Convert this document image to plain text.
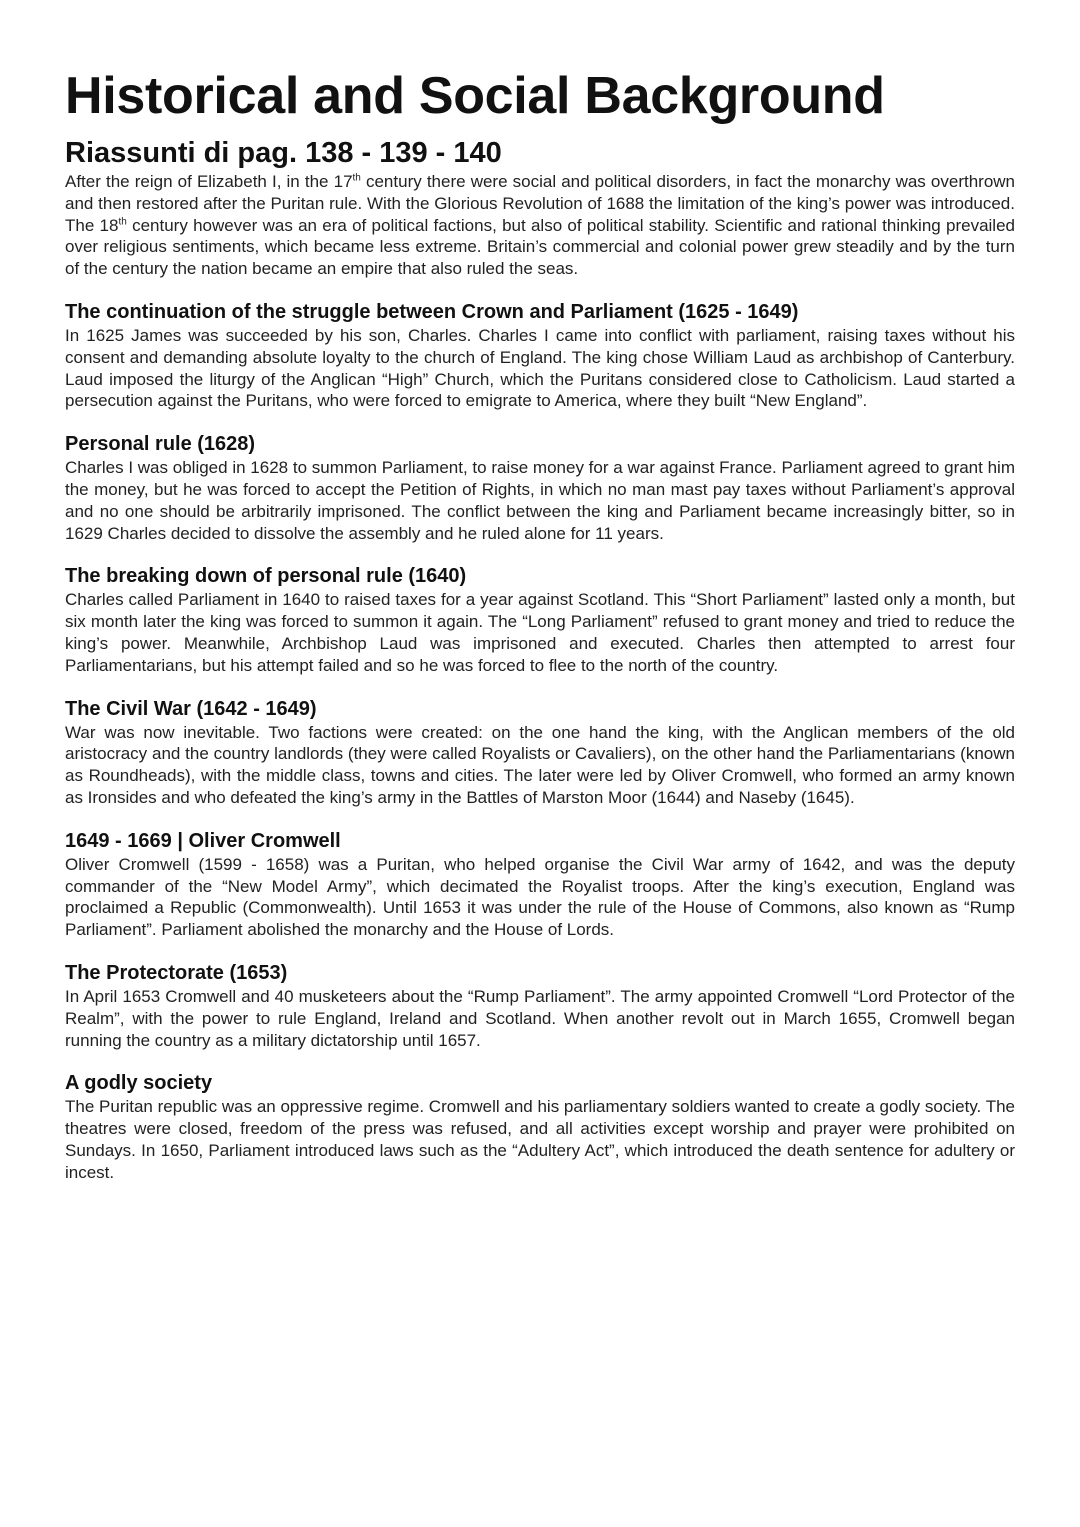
Historical and Social Background
Riassunti di pag. 138 - 139 - 140

After the reign of Elizabeth I, in the 17th century there were social and political disorders, in fact the monarchy was overthrown and then restored after the Puritan rule. With the Glorious Revolution of 1688 the limitation of the king’s power was introduced. The 18th century however was an era of political factions, but also of political stability. Scientific and rational thinking prevailed over religious sentiments, which became less extreme. Britain’s commercial and colonial power grew steadily and by the turn of the century the nation became an empire that also ruled the seas.

The continuation of the struggle between Crown and Parliament (1625 - 1649)

In 1625 James was succeeded by his son, Charles. Charles I came into conflict with parliament, raising taxes without his consent and demanding absolute loyalty to the church of England. The king chose William Laud as archbishop of Canterbury. Laud imposed the liturgy of the Anglican “High” Church, which the Puritans considered close to Catholicism. Laud started a persecution against the Puritans, who were forced to emigrate to America, where they built “New England”.

Personal rule (1628)

Charles I was obliged in 1628 to summon Parliament, to raise money for a war against France. Parliament agreed to grant him the money, but he was forced to accept the Petition of Rights, in which no man mast pay taxes without Parliament’s approval and no one should be arbitrarily imprisoned. The conflict between the king and Parliament became increasingly bitter, so in 1629 Charles decided to dissolve the assembly and he ruled alone for 11 years.

The breaking down of personal rule (1640)

Charles called Parliament in 1640 to raised taxes for a year against Scotland. This “Short Parliament” lasted only a month, but six month later the king was forced to summon it again. The “Long Parliament” refused to grant money and tried to reduce the king’s power. Meanwhile, Archbishop Laud was imprisoned and executed. Charles then attempted to arrest four Parliamentarians, but his attempt failed and so he was forced to flee to the north of the country.

The Civil War (1642 - 1649)

War was now inevitable. Two factions were created: on the one hand the king, with the Anglican members of the old aristocracy and the country landlords (they were called Royalists or Cavaliers), on the other hand the Parliamentarians (known as Roundheads), with the middle class, towns and cities. The later were led by Oliver Cromwell, who formed an army known as Ironsides and who defeated the king’s army in the Battles of Marston Moor (1644) and Naseby (1645).

1649 - 1669 | Oliver Cromwell

Oliver Cromwell (1599 - 1658) was a Puritan, who helped organise the Civil War army of 1642, and was the deputy commander of the “New Model Army”, which decimated the Royalist troops. After the king’s execution, England was proclaimed a Republic (Commonwealth). Until 1653 it was under the rule of the House of Commons, also known as “Rump Parliament”. Parliament abolished the monarchy and the House of Lords.

The Protectorate (1653)

In April 1653 Cromwell and 40 musketeers about the “Rump Parliament”. The army appointed Cromwell “Lord Protector of the Realm”, with the power to rule England, Ireland and Scotland. When another revolt out in March 1655, Cromwell began running the country as a military dictatorship until 1657.

A godly society

The Puritan republic was an oppressive regime. Cromwell and his parliamentary soldiers wanted to create a godly society. The theatres were closed, freedom of the press was refused, and all activities except worship and prayer were prohibited on Sundays. In 1650, Parliament introduced laws such as the “Adultery Act”, which introduced the death sentence for adultery or incest.
